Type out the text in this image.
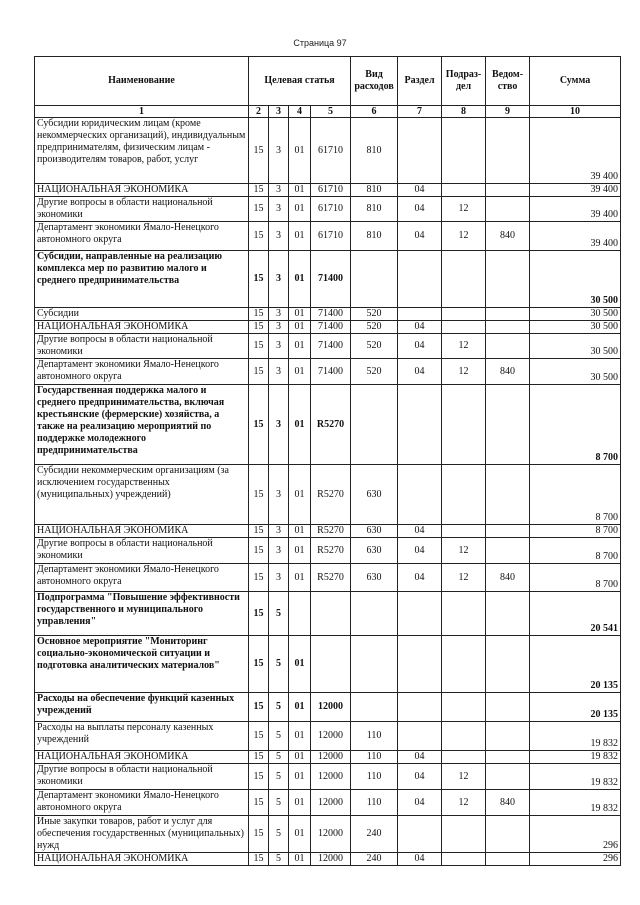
Страница 97
Наименование	Целевая статья				Вид расходов	Раздел	Подраз-дел	Ведом-ство	Сумма
1	2	3	4	5	6	7	8	9	10
Субсидии юридическим лицам (кроме некоммерческих организаций), индивидуальным предпринимателям, физическим лицам - производителям товаров, работ, услуг	15	3	01	61710	810				39 400
НАЦИОНАЛЬНАЯ ЭКОНОМИКА	15	3	01	61710	810	04			39 400
Другие вопросы в области национальной экономики	15	3	01	61710	810	04	12		39 400
Департамент экономики Ямало-Ненецкого автономного округа	15	3	01	61710	810	04	12	840	39 400
Субсидии, направленные на реализацию комплекса мер по развитию малого и среднего предпринимательства	15	3	01	71400					30 500
Субсидии	15	3	01	71400	520				30 500
НАЦИОНАЛЬНАЯ ЭКОНОМИКА	15	3	01	71400	520	04			30 500
Другие вопросы в области национальной экономики	15	3	01	71400	520	04	12		30 500
Департамент экономики Ямало-Ненецкого автономного округа	15	3	01	71400	520	04	12	840	30 500
Государственная поддержка малого и среднего предпринимательства, включая крестьянские (фермерские) хозяйства, а также на реализацию мероприятий по поддержке молодежного предпринимательства	15	3	01	R5270					8 700
Субсидии некоммерческим организациям (за исключением государственных (муниципальных) учреждений)	15	3	01	R5270	630				8 700
НАЦИОНАЛЬНАЯ ЭКОНОМИКА	15	3	01	R5270	630	04			8 700
Другие вопросы в области национальной экономики	15	3	01	R5270	630	04	12		8 700
Департамент экономики Ямало-Ненецкого автономного округа	15	3	01	R5270	630	04	12	840	8 700
Подпрограмма "Повышение эффективности государственного и муниципального управления"	15	5							20 541
Основное мероприятие "Мониторинг социально-экономической ситуации и подготовка аналитических материалов"	15	5	01						20 135
Расходы на обеспечение функций казенных учреждений	15	5	01	12000					20 135
Расходы на выплаты персоналу казенных учреждений	15	5	01	12000	110				19 832
НАЦИОНАЛЬНАЯ ЭКОНОМИКА	15	5	01	12000	110	04			19 832
Другие вопросы в области национальной экономики	15	5	01	12000	110	04	12		19 832
Департамент экономики Ямало-Ненецкого автономного округа	15	5	01	12000	110	04	12	840	19 832
Иные закупки товаров, работ и услуг для обеспечения государственных (муниципальных) нужд	15	5	01	12000	240				296
НАЦИОНАЛЬНАЯ ЭКОНОМИКА	15	5	01	12000	240	04			296
